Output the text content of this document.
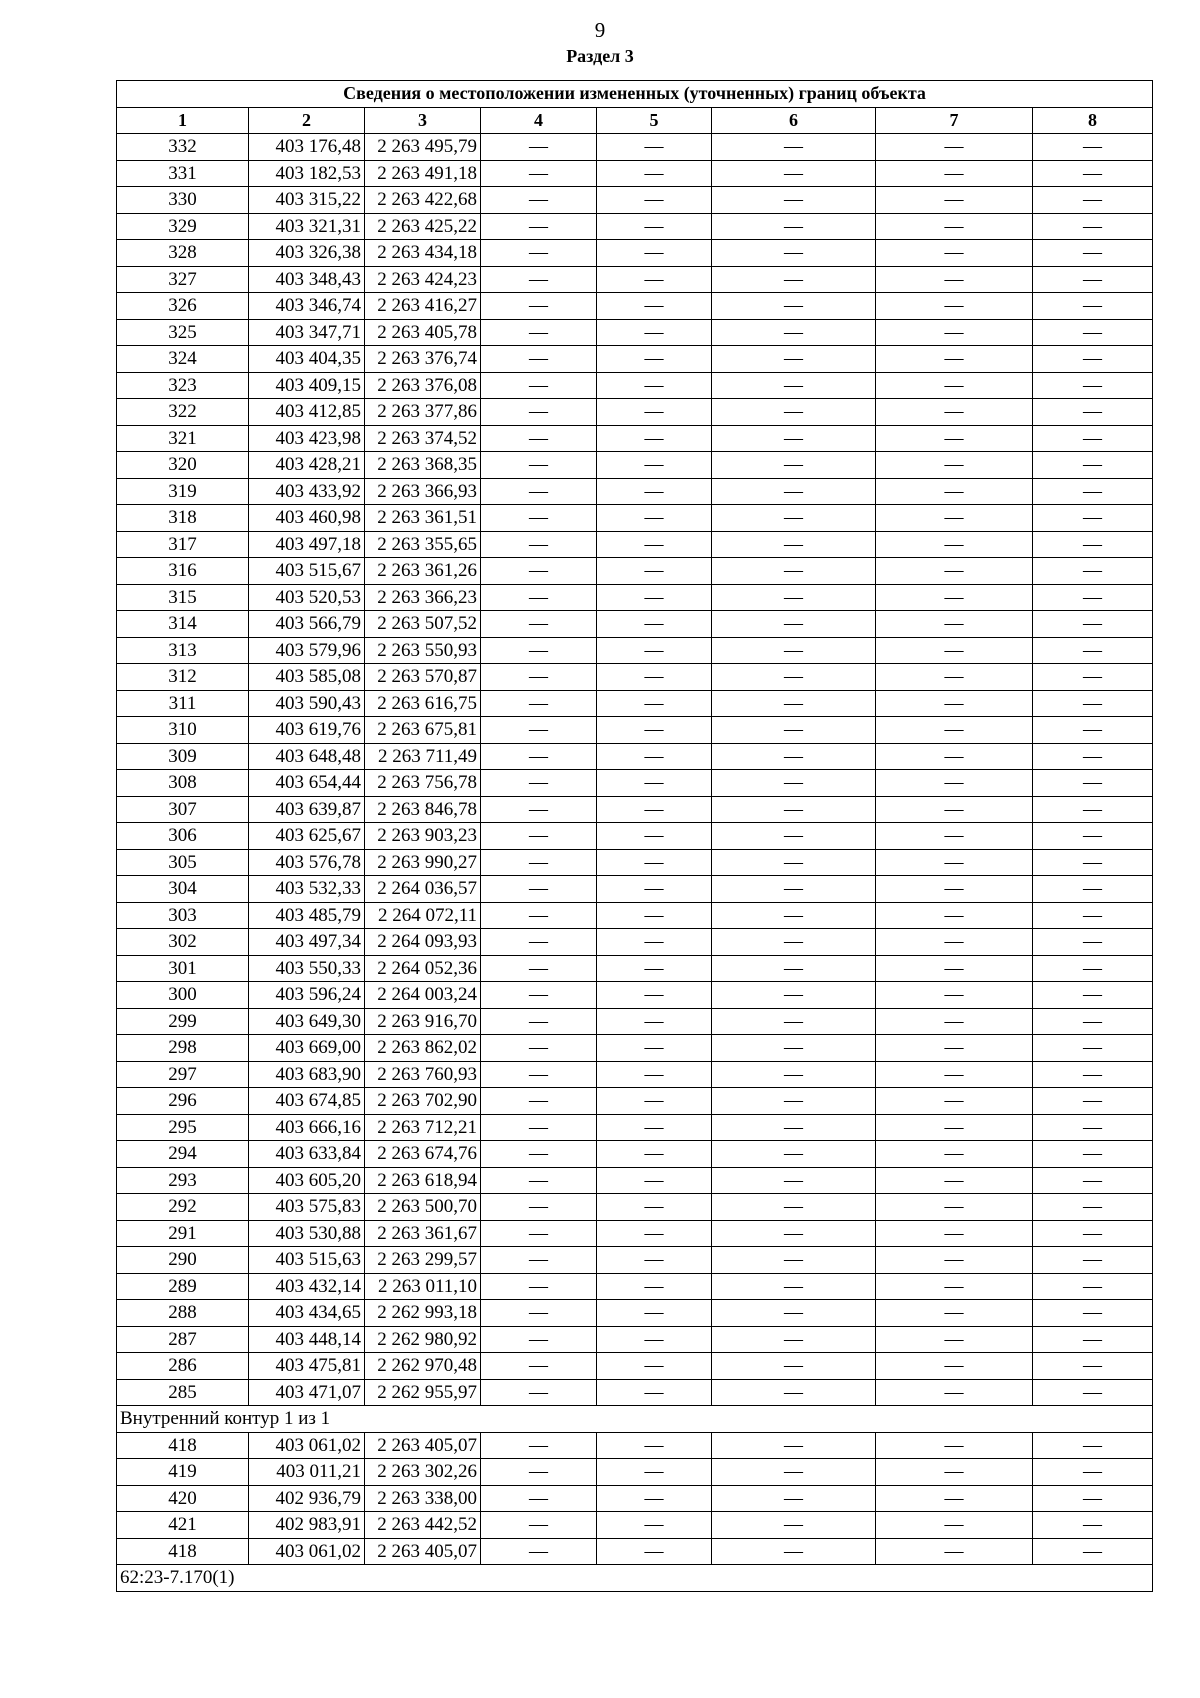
9
Раздел 3
Сведения о местоположении измененных (уточненных) границ объекта							
1	2	3	4	5	6	7	8
332	403 176,48	2 263 495,79	—	—	—	—	—
331	403 182,53	2 263 491,18	—	—	—	—	—
330	403 315,22	2 263 422,68	—	—	—	—	—
329	403 321,31	2 263 425,22	—	—	—	—	—
328	403 326,38	2 263 434,18	—	—	—	—	—
327	403 348,43	2 263 424,23	—	—	—	—	—
326	403 346,74	2 263 416,27	—	—	—	—	—
325	403 347,71	2 263 405,78	—	—	—	—	—
324	403 404,35	2 263 376,74	—	—	—	—	—
323	403 409,15	2 263 376,08	—	—	—	—	—
322	403 412,85	2 263 377,86	—	—	—	—	—
321	403 423,98	2 263 374,52	—	—	—	—	—
320	403 428,21	2 263 368,35	—	—	—	—	—
319	403 433,92	2 263 366,93	—	—	—	—	—
318	403 460,98	2 263 361,51	—	—	—	—	—
317	403 497,18	2 263 355,65	—	—	—	—	—
316	403 515,67	2 263 361,26	—	—	—	—	—
315	403 520,53	2 263 366,23	—	—	—	—	—
314	403 566,79	2 263 507,52	—	—	—	—	—
313	403 579,96	2 263 550,93	—	—	—	—	—
312	403 585,08	2 263 570,87	—	—	—	—	—
311	403 590,43	2 263 616,75	—	—	—	—	—
310	403 619,76	2 263 675,81	—	—	—	—	—
309	403 648,48	2 263 711,49	—	—	—	—	—
308	403 654,44	2 263 756,78	—	—	—	—	—
307	403 639,87	2 263 846,78	—	—	—	—	—
306	403 625,67	2 263 903,23	—	—	—	—	—
305	403 576,78	2 263 990,27	—	—	—	—	—
304	403 532,33	2 264 036,57	—	—	—	—	—
303	403 485,79	2 264 072,11	—	—	—	—	—
302	403 497,34	2 264 093,93	—	—	—	—	—
301	403 550,33	2 264 052,36	—	—	—	—	—
300	403 596,24	2 264 003,24	—	—	—	—	—
299	403 649,30	2 263 916,70	—	—	—	—	—
298	403 669,00	2 263 862,02	—	—	—	—	—
297	403 683,90	2 263 760,93	—	—	—	—	—
296	403 674,85	2 263 702,90	—	—	—	—	—
295	403 666,16	2 263 712,21	—	—	—	—	—
294	403 633,84	2 263 674,76	—	—	—	—	—
293	403 605,20	2 263 618,94	—	—	—	—	—
292	403 575,83	2 263 500,70	—	—	—	—	—
291	403 530,88	2 263 361,67	—	—	—	—	—
290	403 515,63	2 263 299,57	—	—	—	—	—
289	403 432,14	2 263 011,10	—	—	—	—	—
288	403 434,65	2 262 993,18	—	—	—	—	—
287	403 448,14	2 262 980,92	—	—	—	—	—
286	403 475,81	2 262 970,48	—	—	—	—	—
285	403 471,07	2 262 955,97	—	—	—	—	—
Внутренний контур 1 из 1							
418	403 061,02	2 263 405,07	—	—	—	—	—
419	403 011,21	2 263 302,26	—	—	—	—	—
420	402 936,79	2 263 338,00	—	—	—	—	—
421	402 983,91	2 263 442,52	—	—	—	—	—
418	403 061,02	2 263 405,07	—	—	—	—	—
62:23-7.170(1)							
